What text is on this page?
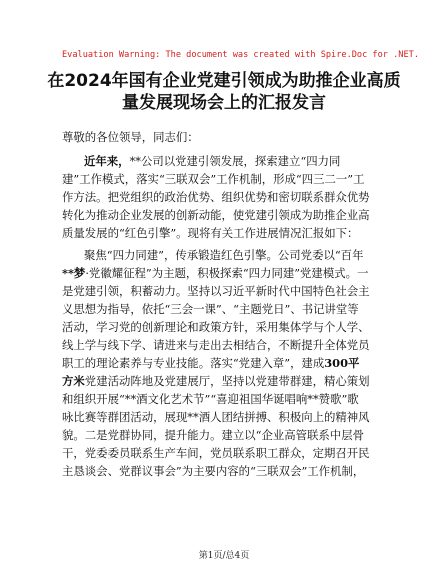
Evaluation Warning: The document was created with Spire.Doc for .NET.
在2024年国有企业党建引领成为助推企业高质
量发展现场会上的汇报发言
尊敬的各位领导，同志们：
近年来，**公司以党建引领发展，探索建立“四力同
建”工作模式，落实“三联双会”工作机制，形成“四三二一”工
作方法。把党组织的政治优势、组织优势和密切联系群众优势
转化为推动企业发展的创新动能，使党建引领成为助推企业高
质量发展的“红色引擎”。现将有关工作进展情况汇报如下：
聚焦“四力同建”，传承锻造红色引擎。公司党委以“百年
**梦·党徽耀征程”为主题，积极探索“四力同建”党建模式。一
是党建引领，积蓄动力。坚持以习近平新时代中国特色社会主
义思想为指导，依托“三会一课”、“主题党日”、书记讲堂等
活动，学习党的创新理论和政策方针，采用集体学与个人学、
线上学与线下学、请进来与走出去相结合，不断提升全体党员
职工的理论素养与专业技能。落实“党建入章”，建成300平
方米党建活动阵地及党建展厅，坚持以党建带群建，精心策划
和组织开展“**酒文化艺术节”“喜迎祖国华诞唱响**赞歌”歌
咏比赛等群团活动，展现**酒人团结拼搏、积极向上的精神风
貌。二是党群协同，提升能力。建立以“企业高管联系中层骨
干，党委委员联系生产车间，党员联系职工群众，定期召开民
主恳谈会、党群议事会”为主要内容的“三联双会”工作机制，
第1页/总4页
